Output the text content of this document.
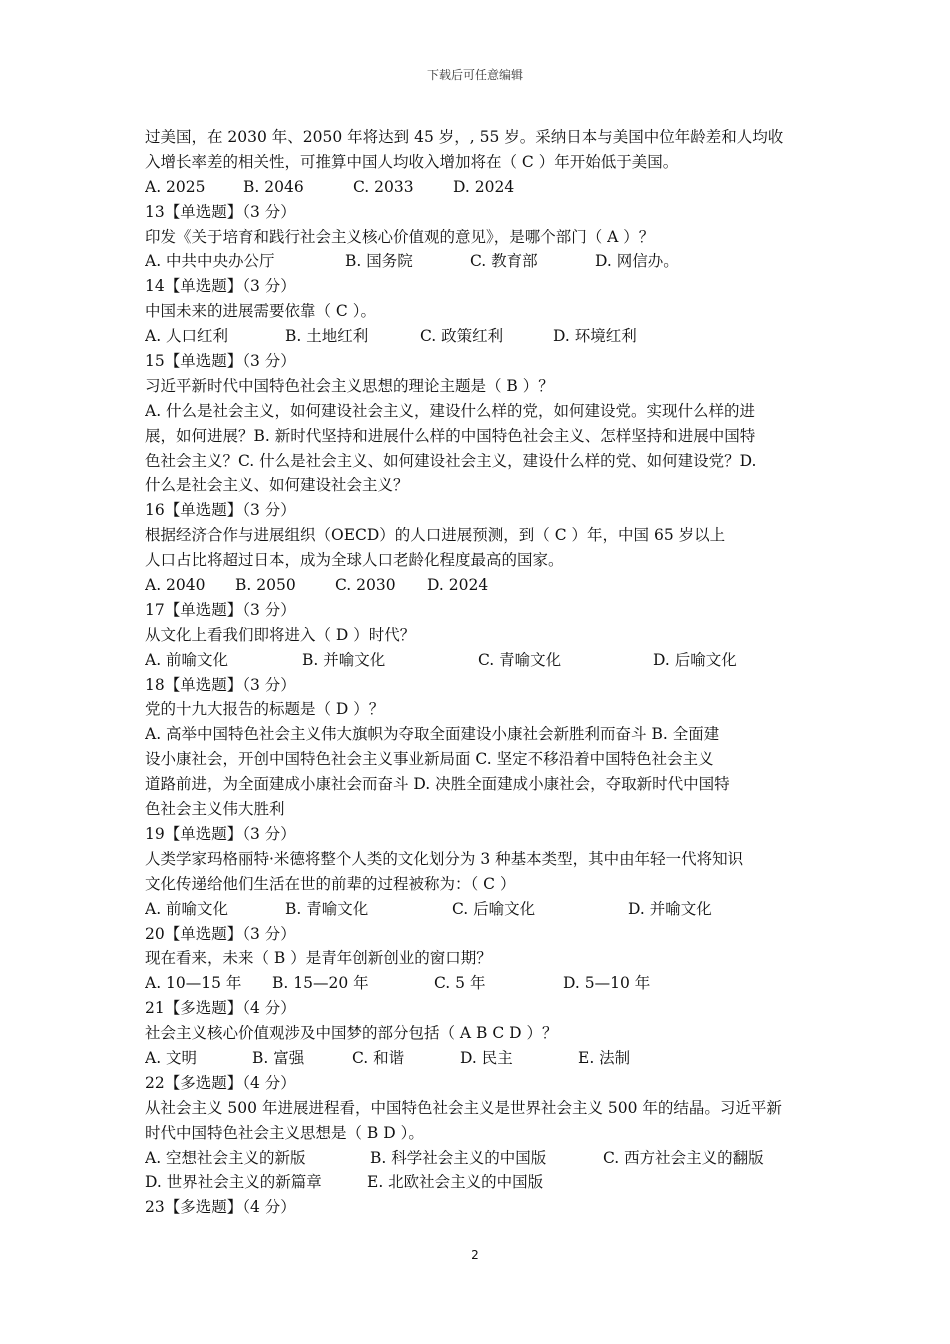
下载后可任意编辑
过美国，在 2030 年、2050 年将达到 45 岁，, 55 岁。采纳日本与美国中位年龄差和人均收
入增长率差的相关性，可推算中国人均收入增加将在（ C ）年开始低于美国。
A. 2025 B. 2046	C. 2033	D. 2024
13【单选题】（3 分）
印发《关于培育和践行社会主义核心价值观的意见》，是哪个部门（ A ）？
A. 中共中央办公厅	B. 国务院	C. 教育部	D. 网信办。
14【单选题】（3 分）
中国未来的进展需要依靠（ C ）。
A. 人口红利	B. 土地红利	C. 政策红利	D. 环境红利
15【单选题】（3 分）
习近平新时代中国特色社会主义思想的理论主题是（ B ）？
A. 什么是社会主义，如何建设社会主义，建设什么样的党，如何建设党。实现什么样的进
展，如何进展？B. 新时代坚持和进展什么样的中国特色社会主义、怎样坚持和进展中国特
色社会主义？C. 什么是社会主义、如何建设社会主义，建设什么样的党、如何建设党？D.
什么是社会主义、如何建设社会主义？
16【单选题】（3 分）
根据经济合作与进展组织（OECD）的人口进展预测，到（ C ）年，中国 65 岁以上
人口占比将超过日本，成为全球人口老龄化程度最高的国家。
A. 2040 B. 2050	C. 2030 D. 2024
17【单选题】（3 分）
从文化上看我们即将进入（ D ）时代？
A. 前喻文化	B. 并喻文化	C. 青喻文化	D. 后喻文化
18【单选题】（3 分）
党的十九大报告的标题是（ D ）？
A. 高举中国特色社会主义伟大旗帜为夺取全面建设小康社会新胜利而奋斗 B. 全面建
设小康社会，开创中国特色社会主义事业新局面 C. 坚定不移沿着中国特色社会主义
道路前进，为全面建成小康社会而奋斗 D. 决胜全面建成小康社会，夺取新时代中国特
色社会主义伟大胜利
19【单选题】（3 分）
人类学家玛格丽特·米德将整个人类的文化划分为 3 种基本类型，其中由年轻一代将知识
文化传递给他们生活在世的前辈的过程被称为：（ C ）
A. 前喻文化	B. 青喻文化	C. 后喻文化	D. 并喻文化
20【单选题】（3 分）
现在看来，未来（ B ）是青年创新创业的窗口期？
A. 10—15 年 B. 15—20 年	C. 5 年	D. 5—10 年
21【多选题】（4 分）
社会主义核心价值观涉及中国梦的部分包括（ A B C D ）？
A. 文明	B. 富强	C. 和谐	D. 民主	E. 法制
22【多选题】（4 分）
从社会主义 500 年进展进程看，中国特色社会主义是世界社会主义 500 年的结晶。习近平新
时代中国特色社会主义思想是（ B D ）。
A. 空想社会主义的新版	B. 科学社会主义的中国版	C. 西方社会主义的翻版
D. 世界社会主义的新篇章	E. 北欧社会主义的中国版
23【多选题】（4 分）
2
